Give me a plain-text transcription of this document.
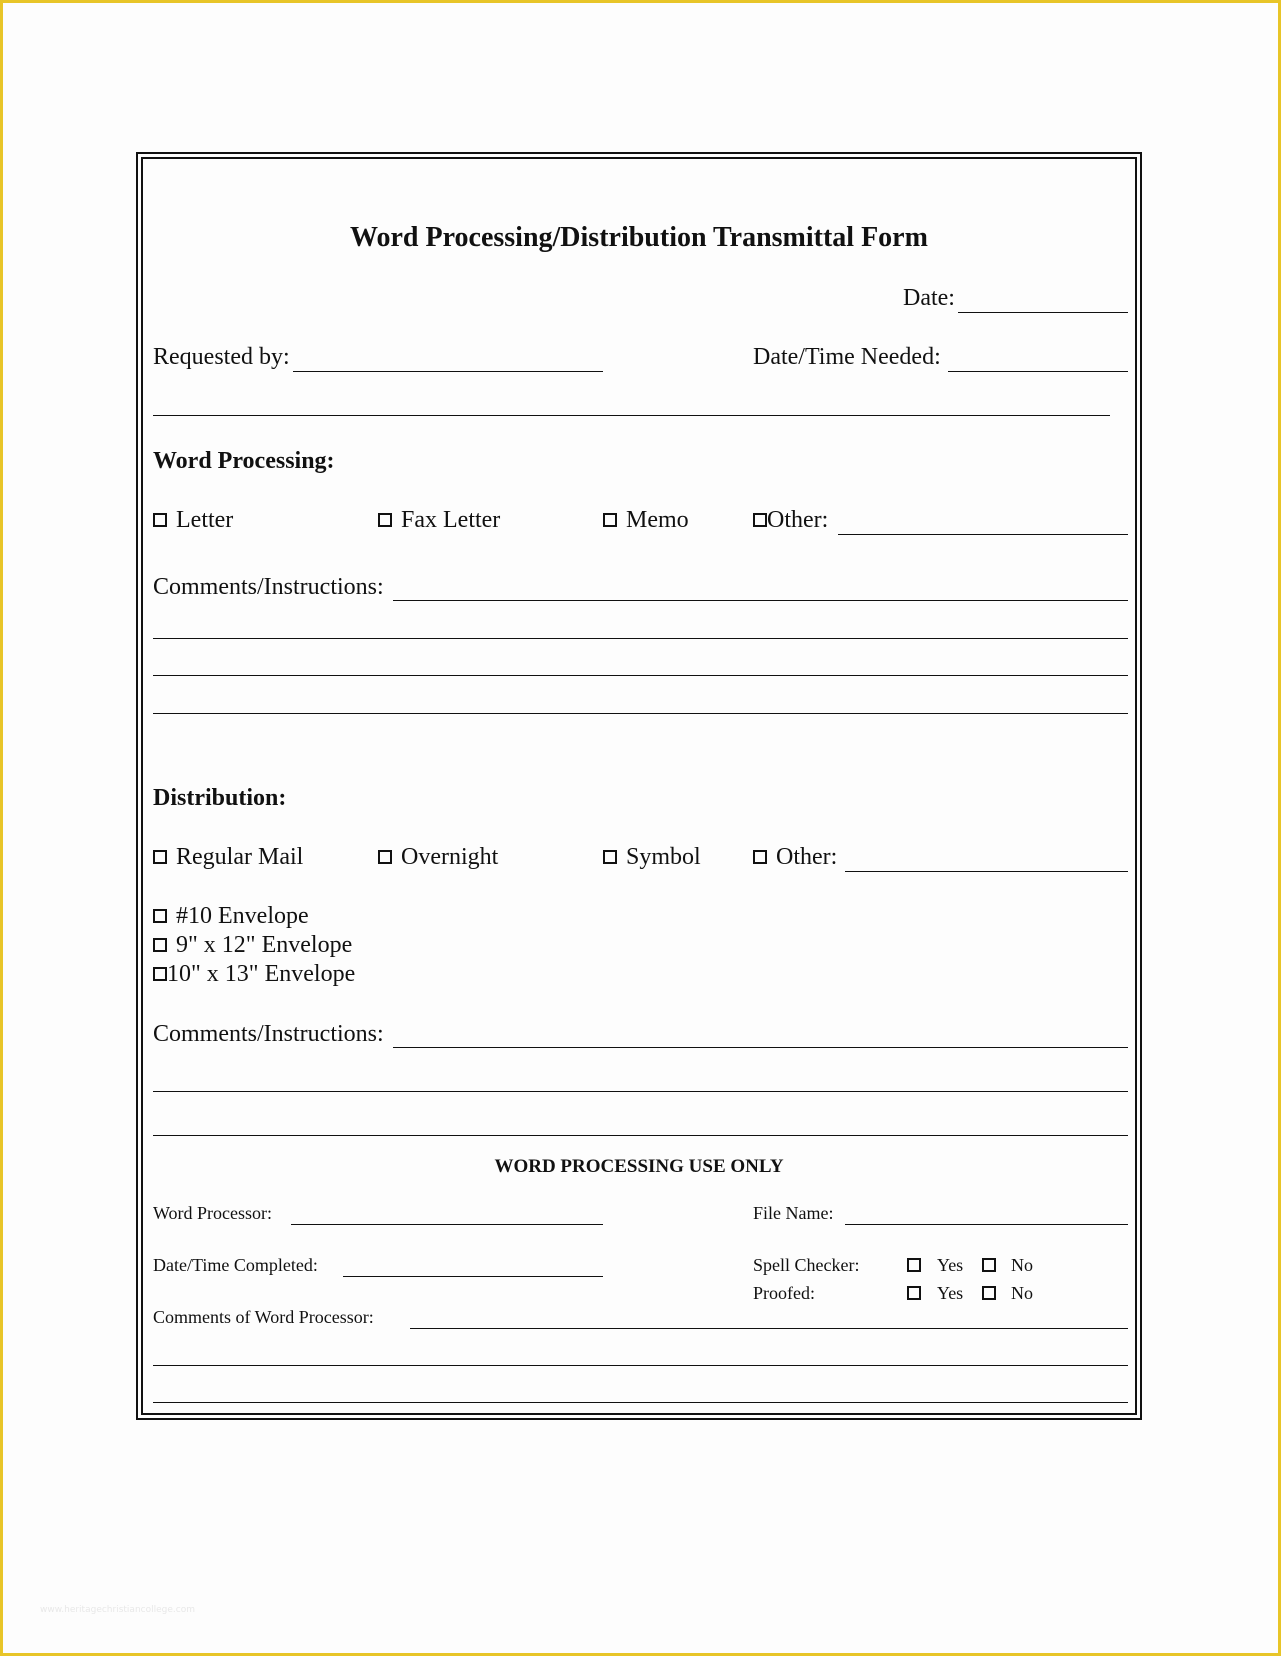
Word Processing/Distribution Transmittal Form
Date:
Requested by:	Date/Time Needed:
Word Processing:
Letter	Fax Letter	Memo	Other:
Comments/Instructions:
Distribution:
Regular Mail	Overnight	Symbol	Other:
#10 Envelope
9" x 12" Envelope
10" x 13" Envelope
Comments/Instructions:
WORD PROCESSING USE ONLY
Word Processor:	File Name:
Date/Time Completed:	Spell Checker:	Yes	No
Proofed:	Yes	No
Comments of Word Processor:
www.heritagechristiancollege.com
